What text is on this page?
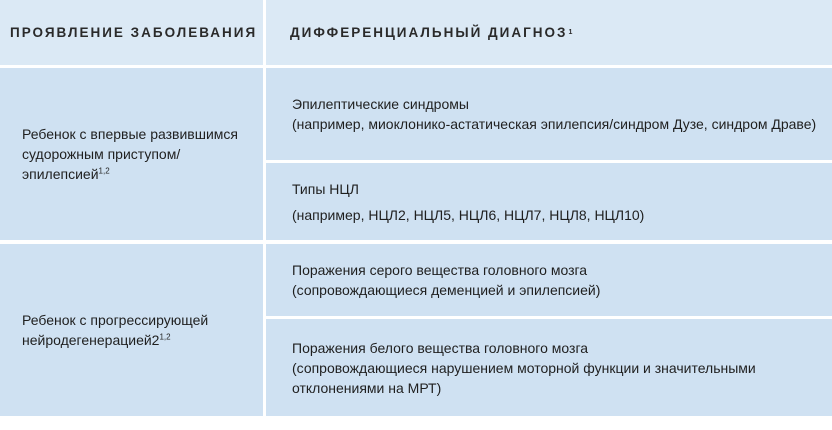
ПРОЯВЛЕНИЕ ЗАБОЛЕВАНИЯ ДИФФЕРЕНЦИАЛЬНЫЙ ДИАГНОЗ 1
Ребенок с впервые развившимся судорожным приступом/эпилепсией$^{1,2}$
Эпилептические синдромы
(например, миоклонико-астатическая эпилепсия/синдром Дузе, синдром Драве)
Типы НЦЛ
(например, НЦЛ2, НЦЛ5, НЦЛ6, НЦЛ7, НЦЛ8, НЦЛ10)
Ребенок с прогрессирующей нейродегенерацией2$^{1,2}$
Поражения серого вещества головного мозга
(сопровождающиеся деменцией и эпилепсией)
Поражения белого вещества головного мозга
(сопровождающиеся нарушением моторной функции и значительными отклонениями на МРТ)
